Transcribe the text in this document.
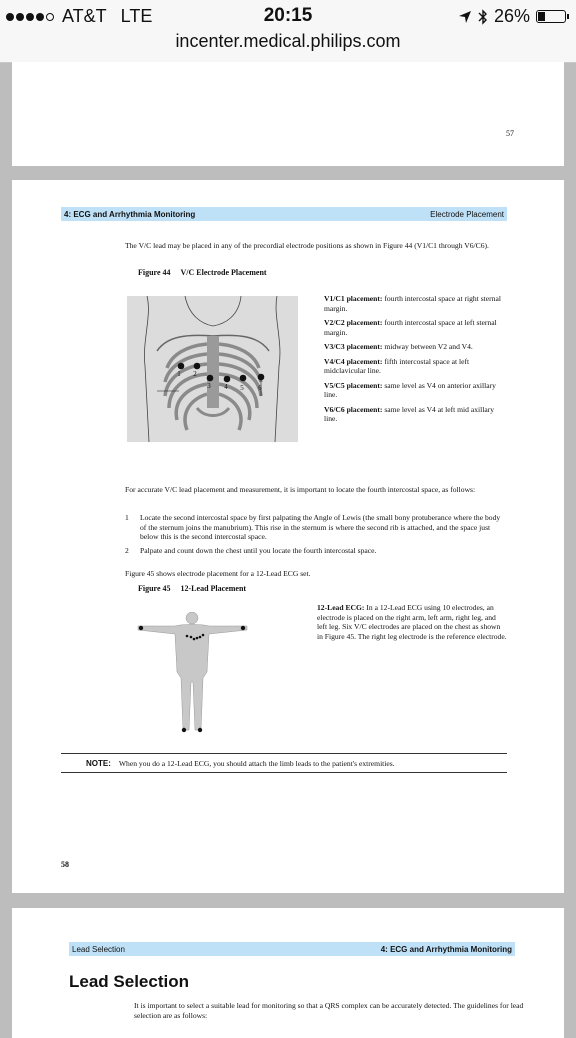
AT&T LTE	20:15	26%
incenter.medical.philips.com
57
4: ECG and Arrhythmia Monitoring	Electrode Placement
The V/C lead may be placed in any of the precordial electrode positions as shown in Figure 44 (V1/C1 through V6/C6).
Figure 44 V/C Electrode Placement
1 2
3 4 5 6
V1/C1 placement: fourth intercostal space at right sternal margin.
V2/C2 placement: fourth intercostal space at left sternal margin.
V3/C3 placement: midway between V2 and V4.
V4/C4 placement: fifth intercostal space at left midclavicular line.
V5/C5 placement: same level as V4 on anterior axillary line.
V6/C6 placement: same level as V4 at left mid axillary line.
For accurate V/C lead placement and measurement, it is important to locate the fourth intercostal space, as follows:
1	Locate the second intercostal space by first palpating the Angle of Lewis (the small bony protuberance where the body of the sternum joins the manubrium). This rise in the sternum is where the second rib is attached, and the space just below this is the second intercostal space.
2	Palpate and count down the chest until you locate the fourth intercostal space.
Figure 45 shows electrode placement for a 12-Lead ECG set.
Figure 45 12-Lead Placement
12-Lead ECG: In a 12-Lead ECG using 10 electrodes, an electrode is placed on the right arm, left arm, right leg, and left leg. Six V/C electrodes are placed on the chest as shown in Figure 45. The right leg electrode is the reference electrode.
NOTE: When you do a 12-Lead ECG, you should attach the limb leads to the patient's extremities.
58
Lead Selection	4: ECG and Arrhythmia Monitoring
Lead Selection
It is important to select a suitable lead for monitoring so that a QRS complex can be accurately detected. The guidelines for lead selection are as follows:
